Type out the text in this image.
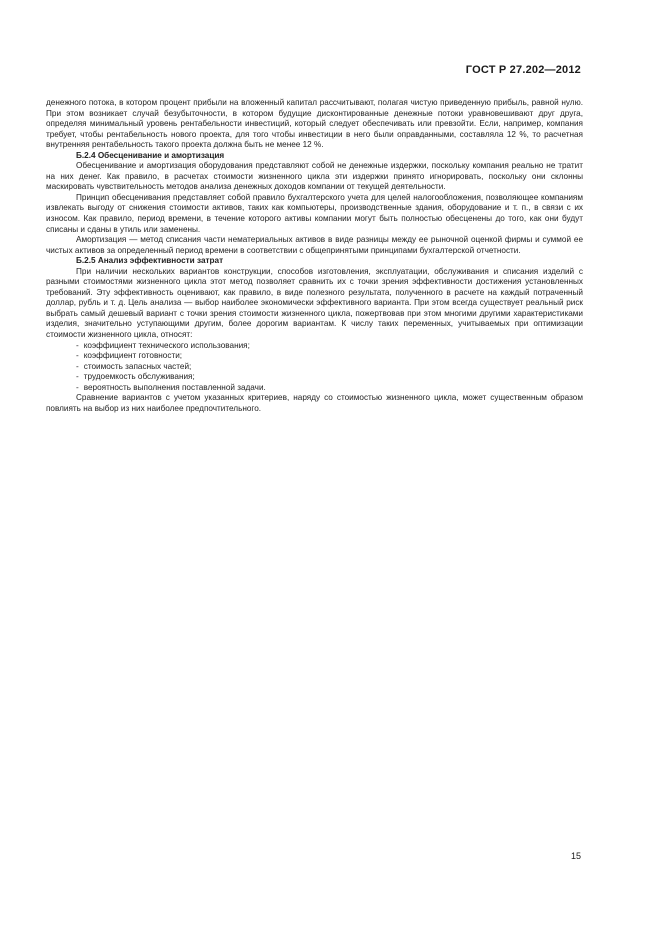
ГОСТ Р 27.202—2012

денежного потока, в котором процент прибыли на вложенный капитал рассчитывают, полагая чистую приведенную прибыль, равной нулю. При этом возникает случай безубыточности, в котором будущие дисконтированные денежные потоки уравновешивают друг друга, определяя минимальный уровень рентабельности инвестиций, который следует обеспечивать или превзойти. Если, например, компания требует, чтобы рентабельность нового проекта, для того чтобы инвестиции в него были оправданными, составляла 12 %, то расчетная внутренняя рентабельность такого проекта должна быть не менее 12 %.

Б.2.4 Обесценивание и амортизация

Обесценивание и амортизация оборудования представляют собой не денежные издержки, поскольку компания реально не тратит на них денег. Как правило, в расчетах стоимости жизненного цикла эти издержки принято игнорировать, поскольку они склонны маскировать чувствительность методов анализа денежных доходов компании от текущей деятельности.

Принцип обесценивания представляет собой правило бухгалтерского учета для целей налогообложения, позволяющее компаниям извлекать выгоду от снижения стоимости активов, таких как компьютеры, производственные здания, оборудование и т. п., в связи с их износом. Как правило, период времени, в течение которого активы компании могут быть полностью обесценены до того, как они будут списаны и сданы в утиль или заменены.

Амортизация — метод списания части нематериальных активов в виде разницы между ее рыночной оценкой фирмы и суммой ее чистых активов за определенный период времени в соответствии с общепринятыми принципами бухгалтерской отчетности.

Б.2.5 Анализ эффективности затрат

При наличии нескольких вариантов конструкции, способов изготовления, эксплуатации, обслуживания и списания изделий с разными стоимостями жизненного цикла этот метод позволяет сравнить их с точки зрения эффективности достижения установленных требований. Эту эффективность оценивают, как правило, в виде полезного результата, полученного в расчете на каждый потраченный доллар, рубль и т. д. Цель анализа — выбор наиболее экономически эффективного варианта. При этом всегда существует реальный риск выбрать самый дешевый вариант с точки зрения стоимости жизненного цикла, пожертвовав при этом многими другими характеристиками изделия, значительно уступающими другим, более дорогим вариантам. К числу таких переменных, учитываемых при оптимизации стоимости жизненного цикла, относят:

- коэффициент технического использования;
- коэффициент готовности;
- стоимость запасных частей;
- трудоемкость обслуживания;
- вероятность выполнения поставленной задачи.

Сравнение вариантов с учетом указанных критериев, наряду со стоимостью жизненного цикла, может существенным образом повлиять на выбор из них наиболее предпочтительного.

15
